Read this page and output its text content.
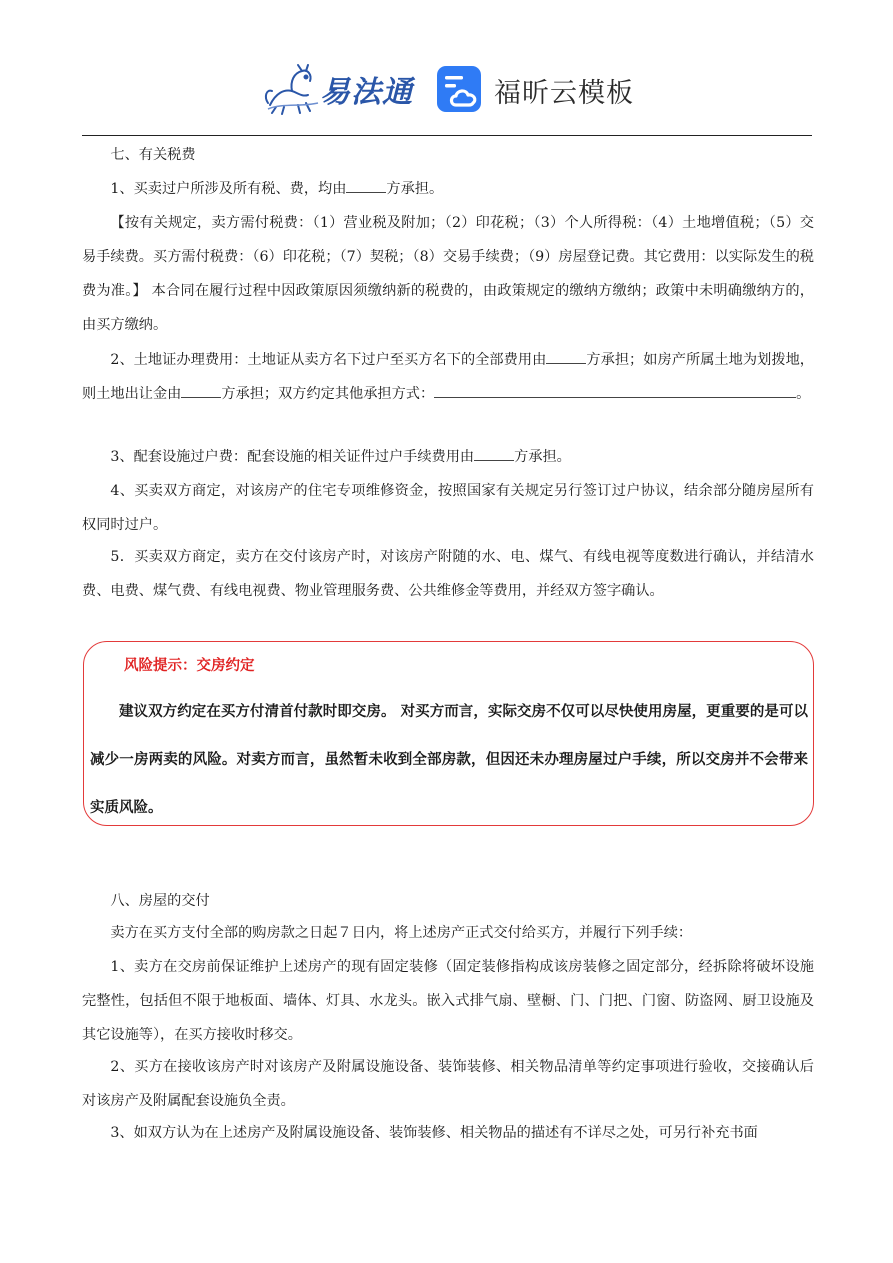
易法通	福昕云模板

七、有关税费

1、买卖过户所涉及所有税、费，均由	方承担。

【按有关规定，卖方需付税费：（1）营业税及附加；（2）印花税；（3）个人所得税：（4）土地增值税；（5）交易手续费。买方需付税费：（6）印花税；（7）契税；（8）交易手续费；（9）房屋登记费。其它费用：以实际发生的税费为准。】 本合同在履行过程中因政策原因须缴纳新的税费的，由政策规定的缴纳方缴纳；政策中未明确缴纳方的，由买方缴纳。

2、土地证办理费用：土地证从卖方名下过户至买方名下的全部费用由	方承担；如房产所属土地为划拨地，则土地出让金由	方承担；双方约定其他承担方式：	。

3、配套设施过户费：配套设施的相关证件过户手续费用由	方承担。

4、买卖双方商定，对该房产的住宅专项维修资金，按照国家有关规定另行签订过户协议，结余部分随房屋所有权同时过户。

5．买卖双方商定，卖方在交付该房产时，对该房产附随的水、电、煤气、有线电视等度数进行确认，并结清水费、电费、煤气费、有线电视费、物业管理服务费、公共维修金等费用，并经双方签字确认。

风险提示：交房约定

建议双方约定在买方付清首付款时即交房。 对买方而言，实际交房不仅可以尽快使用房屋，更重要的是可以减少一房两卖的风险。对卖方而言，虽然暂未收到全部房款，但因还未办理房屋过户手续，所以交房并不会带来实质风险。

八、房屋的交付

卖方在买方支付全部的购房款之日起７日内，将上述房产正式交付给买方，并履行下列手续：

1、卖方在交房前保证维护上述房产的现有固定装修（固定装修指构成该房装修之固定部分，经拆除将破坏设施完整性，包括但不限于地板面、墙体、灯具、水龙头。嵌入式排气扇、壁橱、门、门把、门窗、防盗网、厨卫设施及其它设施等），在买方接收时移交。

2、买方在接收该房产时对该房产及附属设施设备、装饰装修、相关物品清单等约定事项进行验收，交接确认后对该房产及附属配套设施负全责。

3、如双方认为在上述房产及附属设施设备、装饰装修、相关物品的描述有不详尽之处，可另行补充书面
